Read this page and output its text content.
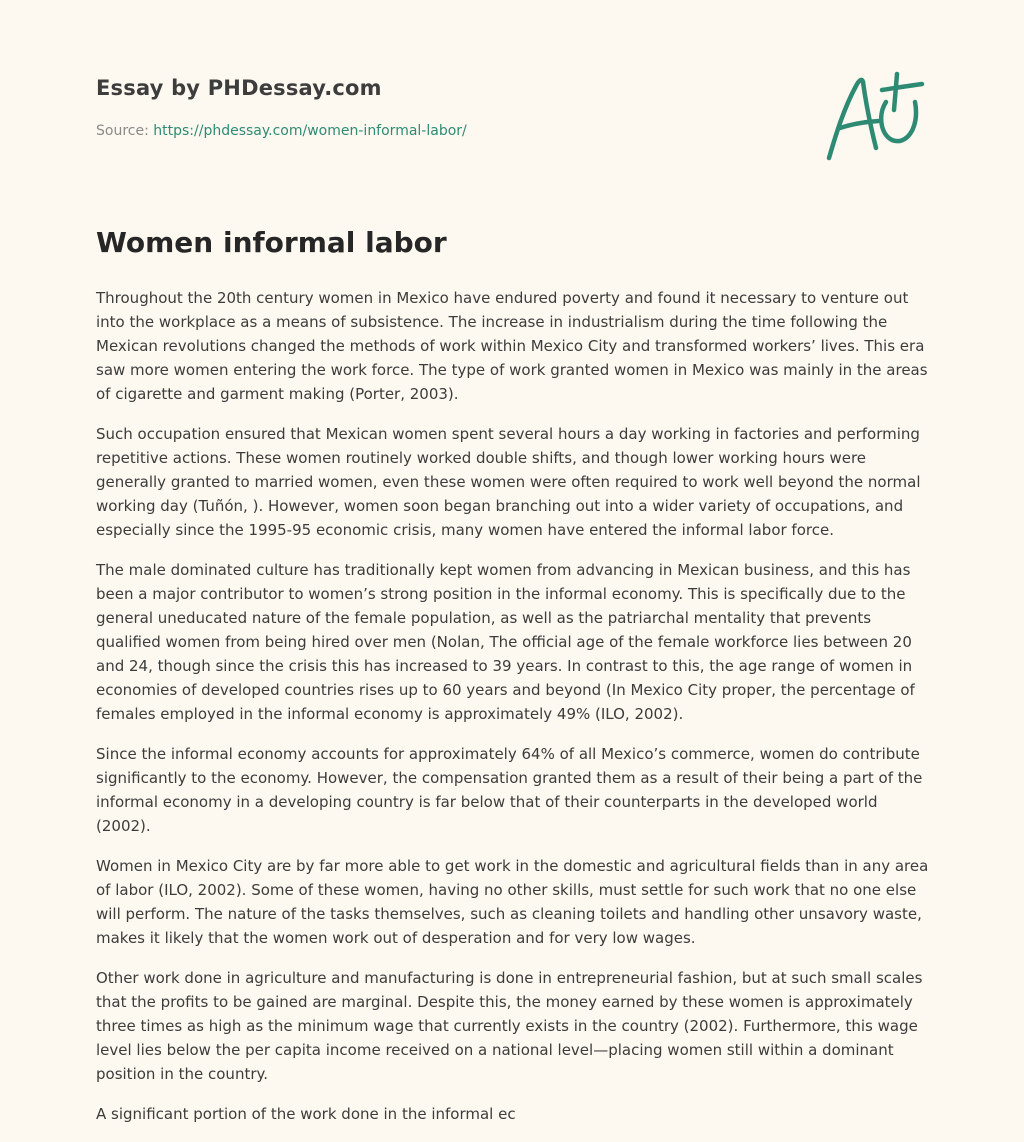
Essay by PHDessay.com
Source: https://phdessay.com/women-informal-labor/
Women informal labor

Throughout the 20th century women in Mexico have endured poverty and found it necessary to venture out into the workplace as a means of subsistence. The increase in industrialism during the time following the Mexican revolutions changed the methods of work within Mexico City and transformed workers’ lives. This era saw more women entering the work force. The type of work granted women in Mexico was mainly in the areas of cigarette and garment making (Porter, 2003).

Such occupation ensured that Mexican women spent several hours a day working in factories and performing repetitive actions. These women routinely worked double shifts, and though lower working hours were generally granted to married women, even these women were often required to work well beyond the normal working day (Tuñón, ). However, women soon began branching out into a wider variety of occupations, and especially since the 1995-95 economic crisis, many women have entered the informal labor force.

The male dominated culture has traditionally kept women from advancing in Mexican business, and this has been a major contributor to women’s strong position in the informal economy. This is specifically due to the general uneducated nature of the female population, as well as the patriarchal mentality that prevents qualified women from being hired over men (Nolan, The official age of the female workforce lies between 20 and 24, though since the crisis this has increased to 39 years. In contrast to this, the age range of women in economies of developed countries rises up to 60 years and beyond (In Mexico City proper, the percentage of females employed in the informal economy is approximately 49% (ILO, 2002).

Since the informal economy accounts for approximately 64% of all Mexico’s commerce, women do contribute significantly to the economy. However, the compensation granted them as a result of their being a part of the informal economy in a developing country is far below that of their counterparts in the developed world (2002).

Women in Mexico City are by far more able to get work in the domestic and agricultural fields than in any area of labor (ILO, 2002). Some of these women, having no other skills, must settle for such work that no one else will perform. The nature of the tasks themselves, such as cleaning toilets and handling other unsavory waste, makes it likely that the women work out of desperation and for very low wages.

Other work done in agriculture and manufacturing is done in entrepreneurial fashion, but at such small scales that the profits to be gained are marginal. Despite this, the money earned by these women is approximately three times as high as the minimum wage that currently exists in the country (2002). Furthermore, this wage level lies below the per capita income received on a national level—placing women still within a dominant position in the country.

A significant portion of the work done in the informal ec
